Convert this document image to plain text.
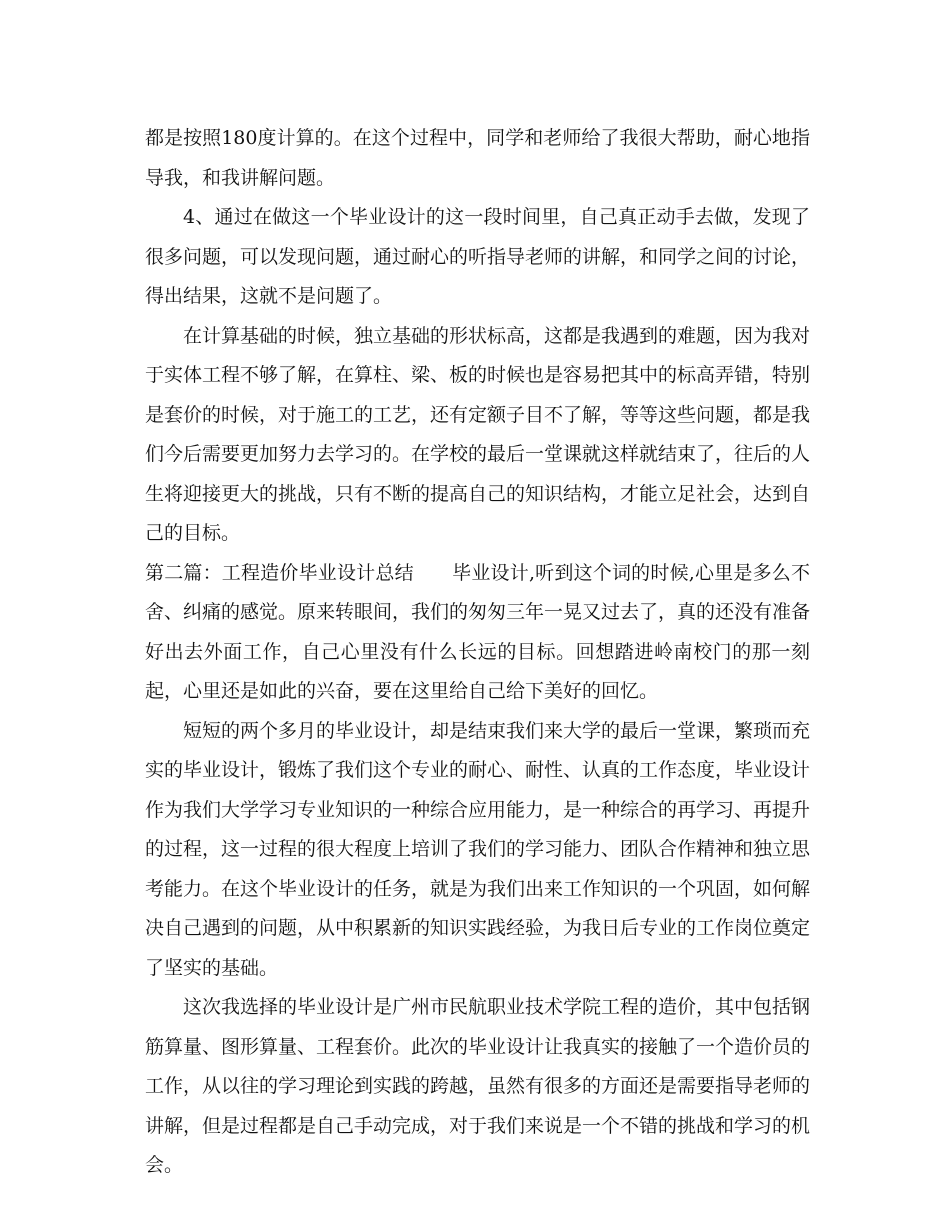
都是按照180度计算的。在这个过程中，同学和老师给了我很大帮助，耐心地指导我，和我讲解问题。

4、通过在做这一个毕业设计的这一段时间里，自己真正动手去做，发现了很多问题，可以发现问题，通过耐心的听指导老师的讲解，和同学之间的讨论，得出结果，这就不是问题了。

在计算基础的时候，独立基础的形状标高，这都是我遇到的难题，因为我对于实体工程不够了解，在算柱、梁、板的时候也是容易把其中的标高弄错，特别是套价的时候，对于施工的工艺，还有定额子目不了解，等等这些问题，都是我们今后需要更加努力去学习的。在学校的最后一堂课就这样就结束了，往后的人生将迎接更大的挑战，只有不断的提高自己的知识结构，才能立足社会，达到自己的目标。

第二篇：工程造价毕业设计总结　　毕业设计,听到这个词的时候,心里是多么不舍、纠痛的感觉。原来转眼间，我们的匆匆三年一晃又过去了，真的还没有准备好出去外面工作，自己心里没有什么长远的目标。回想踏进岭南校门的那一刻起，心里还是如此的兴奋，要在这里给自己给下美好的回忆。

短短的两个多月的毕业设计，却是结束我们来大学的最后一堂课，繁琐而充实的毕业设计，锻炼了我们这个专业的耐心、耐性、认真的工作态度，毕业设计作为我们大学学习专业知识的一种综合应用能力，是一种综合的再学习、再提升的过程，这一过程的很大程度上培训了我们的学习能力、团队合作精神和独立思考能力。在这个毕业设计的任务，就是为我们出来工作知识的一个巩固，如何解决自己遇到的问题，从中积累新的知识实践经验，为我日后专业的工作岗位奠定了坚实的基础。

这次我选择的毕业设计是广州市民航职业技术学院工程的造价，其中包括钢筋算量、图形算量、工程套价。此次的毕业设计让我真实的接触了一个造价员的工作，从以往的学习理论到实践的跨越，虽然有很多的方面还是需要指导老师的讲解，但是过程都是自己手动完成，对于我们来说是一个不错的挑战和学习的机会。
